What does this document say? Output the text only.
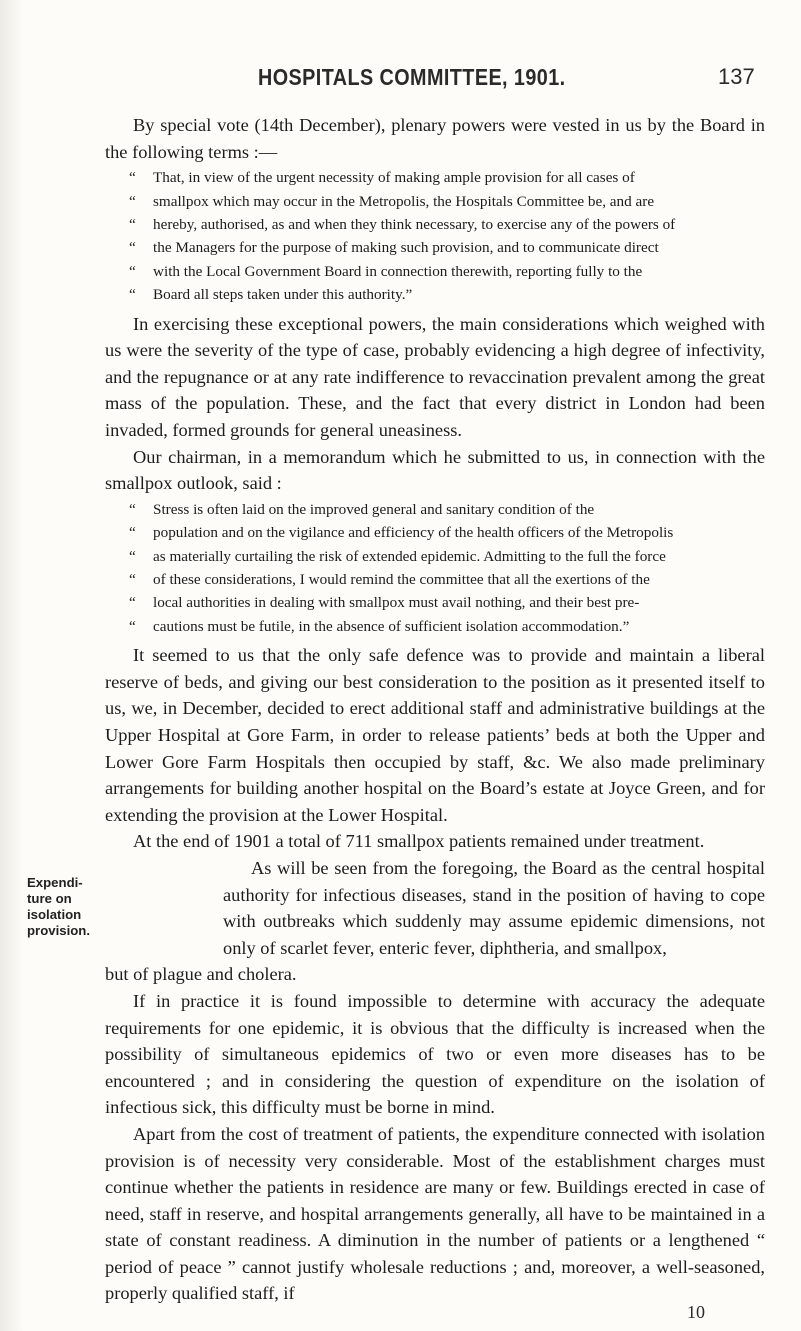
HOSPITALS COMMITTEE, 1901.	137

By special vote (14th December), plenary powers were vested in us by the Board in the following terms :—

“ That, in view of the urgent necessity of making ample provision for all cases of
“ smallpox which may occur in the Metropolis, the Hospitals Committee be, and are
“ hereby, authorised, as and when they think necessary, to exercise any of the powers of
“ the Managers for the purpose of making such provision, and to communicate direct
“ with the Local Government Board in connection therewith, reporting fully to the
“ Board all steps taken under this authority.”

In exercising these exceptional powers, the main considerations which weighed with us were the severity of the type of case, probably evidencing a high degree of infectivity, and the repugnance or at any rate indifference to revaccination prevalent among the great mass of the population. These, and the fact that every district in London had been invaded, formed grounds for general uneasiness.

Our chairman, in a memorandum which he submitted to us, in connection with the smallpox outlook, said :

“ Stress is often laid on the improved general and sanitary condition of the
“ population and on the vigilance and efficiency of the health officers of the Metropolis
“ as materially curtailing the risk of extended epidemic. Admitting to the full the force
“ of these considerations, I would remind the committee that all the exertions of the
“ local authorities in dealing with smallpox must avail nothing, and their best pre-
“ cautions must be futile, in the absence of sufficient isolation accommodation.”

It seemed to us that the only safe defence was to provide and maintain a liberal reserve of beds, and giving our best consideration to the position as it presented itself to us, we, in December, decided to erect additional staff and administrative buildings at the Upper Hospital at Gore Farm, in order to release patients’ beds at both the Upper and Lower Gore Farm Hospitals then occupied by staff, &c. We also made preliminary arrangements for building another hospital on the Board’s estate at Joyce Green, and for extending the provision at the Lower Hospital.

At the end of 1901 a total of 711 smallpox patients remained under treatment.

Expendi-
ture on
isolation
provision.

As will be seen from the foregoing, the Board as the central hospital authority for infectious diseases, stand in the position of having to cope with outbreaks which suddenly may assume epidemic dimensions, not only of scarlet fever, enteric fever, diphtheria, and smallpox,

but of plague and cholera.

If in practice it is found impossible to determine with accuracy the adequate requirements for one epidemic, it is obvious that the difficulty is increased when the possibility of simultaneous epidemics of two or even more diseases has to be encountered ; and in considering the question of expenditure on the isolation of infectious sick, this difficulty must be borne in mind.

Apart from the cost of treatment of patients, the expenditure connected with isolation provision is of necessity very considerable. Most of the establishment charges must continue whether the patients in residence are many or few. Buildings erected in case of need, staff in reserve, and hospital arrangements generally, all have to be maintained in a state of constant readiness. A diminution in the number of patients or a lengthened “ period of peace ” cannot justify wholesale reductions ; and, moreover, a well-seasoned, properly qualified staff, if

10
